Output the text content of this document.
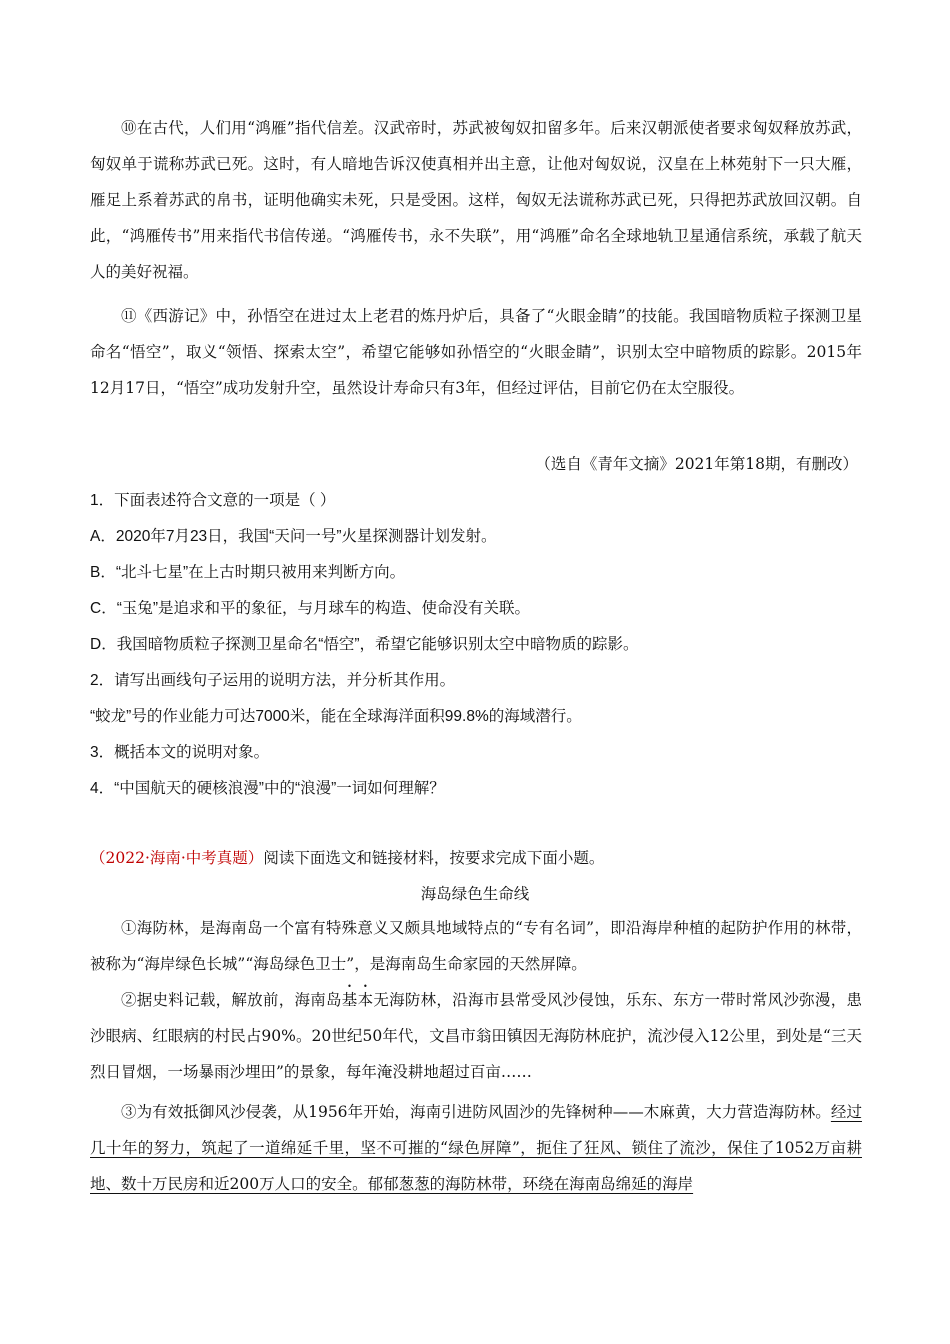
⑩在古代，人们用“鸿雁”指代信差。汉武帝时，苏武被匈奴扣留多年。后来汉朝派使者要求匈奴释放苏武，匈奴单于谎称苏武已死。这时，有人暗地告诉汉使真相并出主意，让他对匈奴说，汉皇在上林苑射下一只大雁，雁足上系着苏武的帛书，证明他确实未死，只是受困。这样，匈奴无法谎称苏武已死，只得把苏武放回汉朝。自此，“鸿雁传书”用来指代书信传递。“鸿雁传书，永不失联”，用“鸿雁”命名全球地轨卫星通信系统，承载了航天人的美好祝福。

⑪《西游记》中，孙悟空在进过太上老君的炼丹炉后，具备了“火眼金睛”的技能。我国暗物质粒子探测卫星命名“悟空”，取义“领悟、探索太空”，希望它能够如孙悟空的“火眼金睛”，识别太空中暗物质的踪影。2015年12月17日，“悟空”成功发射升空，虽然设计寿命只有3年，但经过评估，目前它仍在太空服役。

（选自《青年文摘》2021年第18期，有删改）

1．下面表述符合文意的一项是（ ）

A．2020年7月23日，我国“天问一号”火星探测器计划发射。

B．“北斗七星”在上古时期只被用来判断方向。

C．“玉兔”是追求和平的象征，与月球车的构造、使命没有关联。

D．我国暗物质粒子探测卫星命名“悟空”，希望它能够识别太空中暗物质的踪影。

2．请写出画线句子运用的说明方法，并分析其作用。

“蛟龙”号的作业能力可达7000米，能在全球海洋面积99.8%的海域潜行。

3．概括本文的说明对象。

4．“中国航天的硬核浪漫”中的“浪漫”一词如何理解？

（2022·海南·中考真题）阅读下面选文和链接材料，按要求完成下面小题。

海岛绿色生命线

①海防林，是海南岛一个富有特殊意义又颇具地域特点的“专有名词”，即沿海岸种植的起防护作用的林带，被称为“海岸绿色长城”“海岛绿色卫士”，是海南岛生命家园的天然屏障。

②据史料记载，解放前，海南岛基本无海防林，沿海市县常受风沙侵蚀，乐东、东方一带时常风沙弥漫，患沙眼病、红眼病的村民占90%。20世纪50年代，文昌市翁田镇因无海防林庇护，流沙侵入12公里，到处是“三天烈日冒烟，一场暴雨沙埋田”的景象，每年淹没耕地超过百亩……

③为有效抵御风沙侵袭，从1956年开始，海南引进防风固沙的先锋树种——木麻黄，大力营造海防林。经过几十年的努力，筑起了一道绵延千里，坚不可摧的“绿色屏障”，扼住了狂风、锁住了流沙，保住了1052万亩耕地、数十万民房和近200万人口的安全。郁郁葱葱的海防林带，环绕在海南岛绵延的海岸
